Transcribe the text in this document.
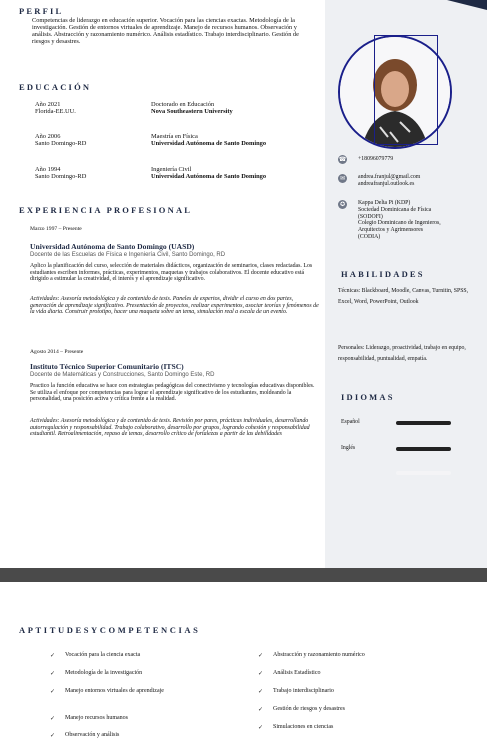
PERFIL
Competencias de liderazgo en educación superior. Vocación para las ciencias exactas. Metodología de la investigación. Gestión de entornos virtuales de aprendizaje. Manejo de recursos humanos. Observación y análisis. Abstracción y razonamiento numérico. Análisis estadístico. Trabajo interdisciplinario. Gestión de riesgos y desastres.
EDUCACIÓN
Año 2021
Florida-EE.UU.
Doctorado en Educación
Nova Southeastern University
Año 2006
Santo Domingo-RD
Maestría en Física
Universidad Autónoma de Santo Domingo
Año 1994
Santo Domingo-RD
Ingeniería Civil
Universidad Autónoma de Santo Domingo
EXPERIENCIA PROFESIONAL
Marzo 1997 – Presente
Universidad Autónoma de Santo Domingo (UASD)
Docente de las Escuelas de Física e Ingeniería Civil, Santo Domingo, RD
Aplico la planificación del curso, selección de materiales didácticos, organización de seminarios, clases redactadas. Los estudiantes escriben informes, prácticas, experimentos, maquetas y trabajos colaborativos. El docente educativo está dirigido a estimular la creatividad, el interés y el aprendizaje significativo.
Actividades: Asesoría metodológica y de contenido de tesis. Paneles de expertos, dividir el curso en dos partes, generación de aprendizaje significativo. Presentación de proyectos, realizar experimentos, asociar teorías y fenómenos de la vida diaria. Construir prototipo, hacer una maqueta sobre un tema, simulación real a escala de un evento.
Agosto 2014 – Presente
Instituto Técnico Superior Comunitario (ITSC)
Docente de Matemáticas y Construcciones, Santo Domingo Este, RD
Practico la función educativa se hace con estrategias pedagógicas del conectivismo y tecnologías educativas disponibles. Se utiliza el enfoque por competencias para lograr el aprendizaje significativo de los estudiantes, moldeando la personalidad, una posición activa y crítica frente a la realidad.
Actividades: Asesoría metodológica y de contenido de tesis. Revisión por pares, prácticas individuales, desarrollando autorregulación y responsabilidad. Trabajo colaborativo, desarrollo por grupos, logrando cohesión y responsabilidad estudiantil. Retroalimentación, repaso de temas, desarrollo crítico de fortalezas a partir de las debilidades
☎ +18096079779
✉	andrea.franjul@gmail.com
andreafranjul.outlook.es
✪	Kappa Delta Pi (KDP)
Sociedad Dominicana de Física
(SODOFI)
Colegio Dominicano de Ingenieros,
Arquitectos y Agrimensores
(CODIA)
HABILIDADES
Técnicas: Blackboard, Moodle, Canvas, Turnitin, SPSS, Excel, Word, PowerPoint, Outlook
Personales: Liderazgo, proactividad, trabajo en equipo, responsabilidad, puntualidad, empatía.
IDIOMAS
Español
Inglés
APTITUDESYCOMPETENCIAS
✓ Vocación para la ciencia exacta
✓ Metodología de la investigación
✓ Manejo entornos virtuales de aprendizaje
✓ Manejo recursos humanos
✓ Observación y análisis
✓ Abstracción y razonamiento numérico
✓ Análisis Estadístico
✓ Trabajo interdisciplinario
✓ Gestión de riesgos y desastres
✓ Simulaciones en ciencias
